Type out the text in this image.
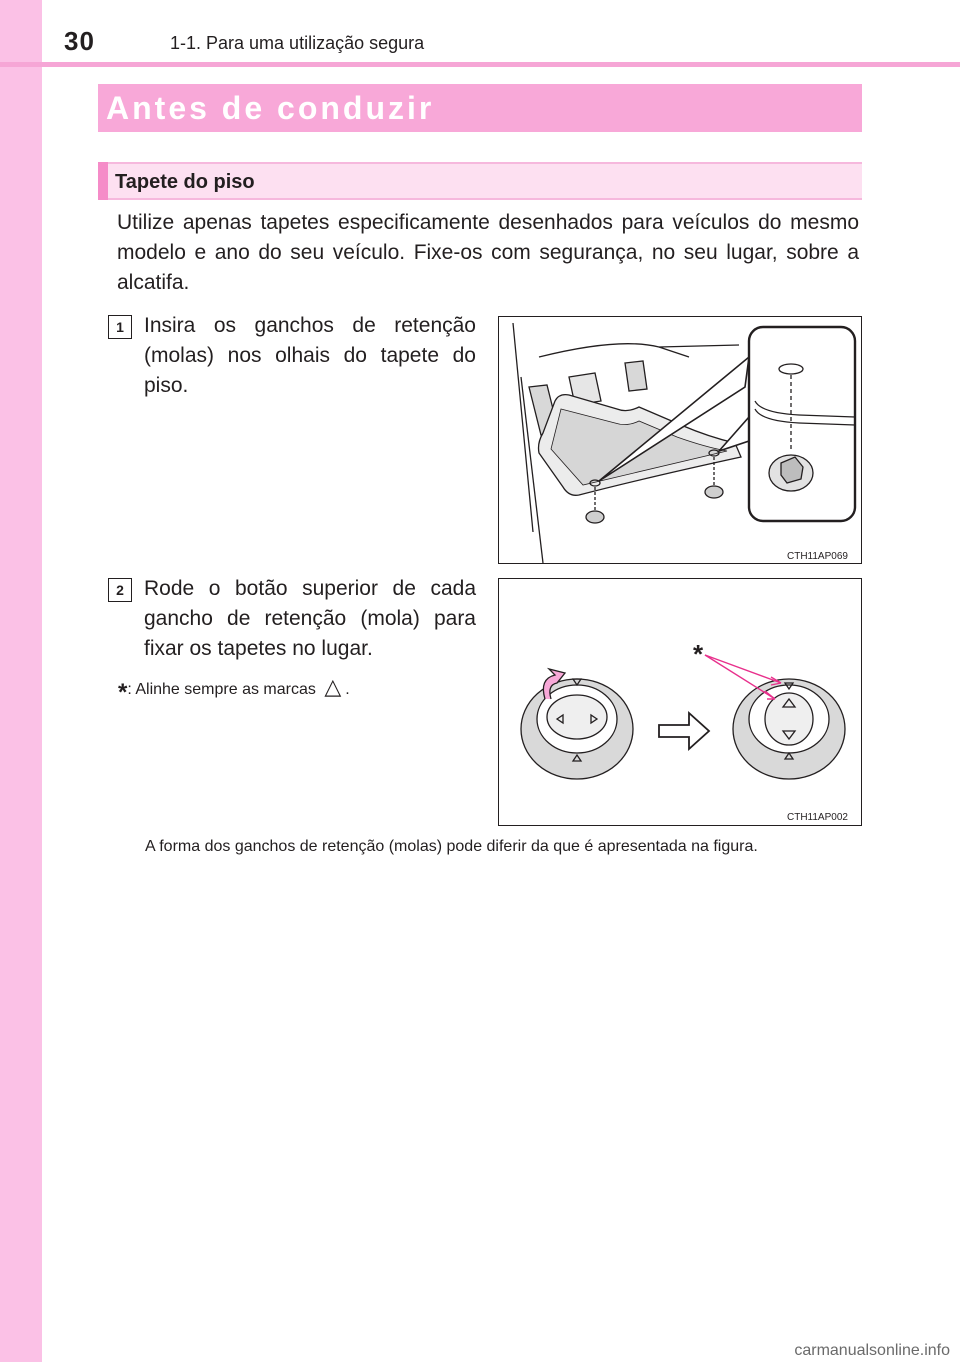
30	1-1. Para uma utilização segura
Antes de conduzir
Tapete do piso
Utilize apenas tapetes especificamente desenhados para veículos do mesmo modelo e ano do seu veículo. Fixe-os com segurança, no seu lugar, sobre a alcatifa.
1 Insira os ganchos de retenção (molas) nos olhais do tapete do piso.
CTH11AP069
2 Rode o botão superior de cada gancho de retenção (mola) para fixar os tapetes no lugar.
*: Alinhe sempre as marcas △ .
*
CTH11AP002
A forma dos ganchos de retenção (molas) pode diferir da que é apresentada na figura.
carmanualsonline.info
